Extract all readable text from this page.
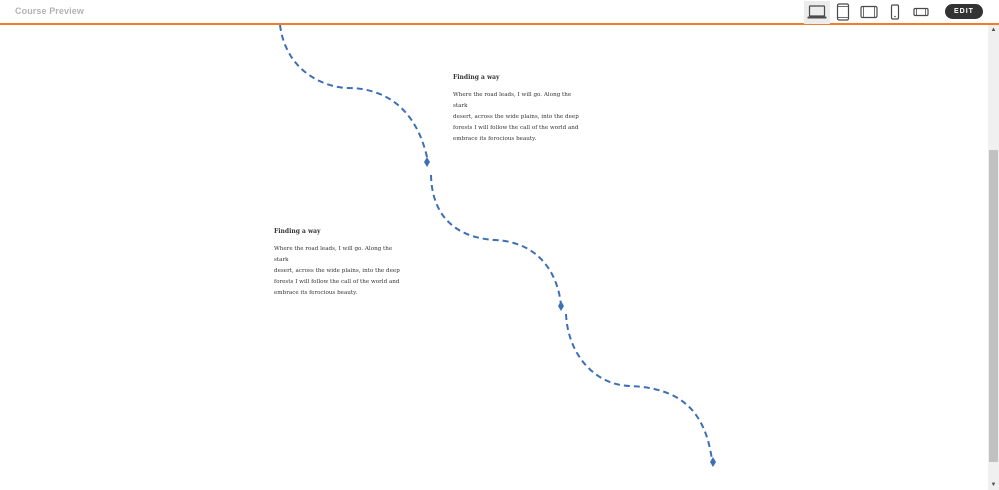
Course Preview	EDIT
Finding a way

Where the road leads, I will go. Along the stark
desert, across the wide plains, into the deep
forests I will follow the call of the world and
embrace its ferocious beauty.

Finding a way

Where the road leads, I will go. Along the stark
desert, across the wide plains, into the deep
forests I will follow the call of the world and
embrace its ferocious beauty.

▲
▼
